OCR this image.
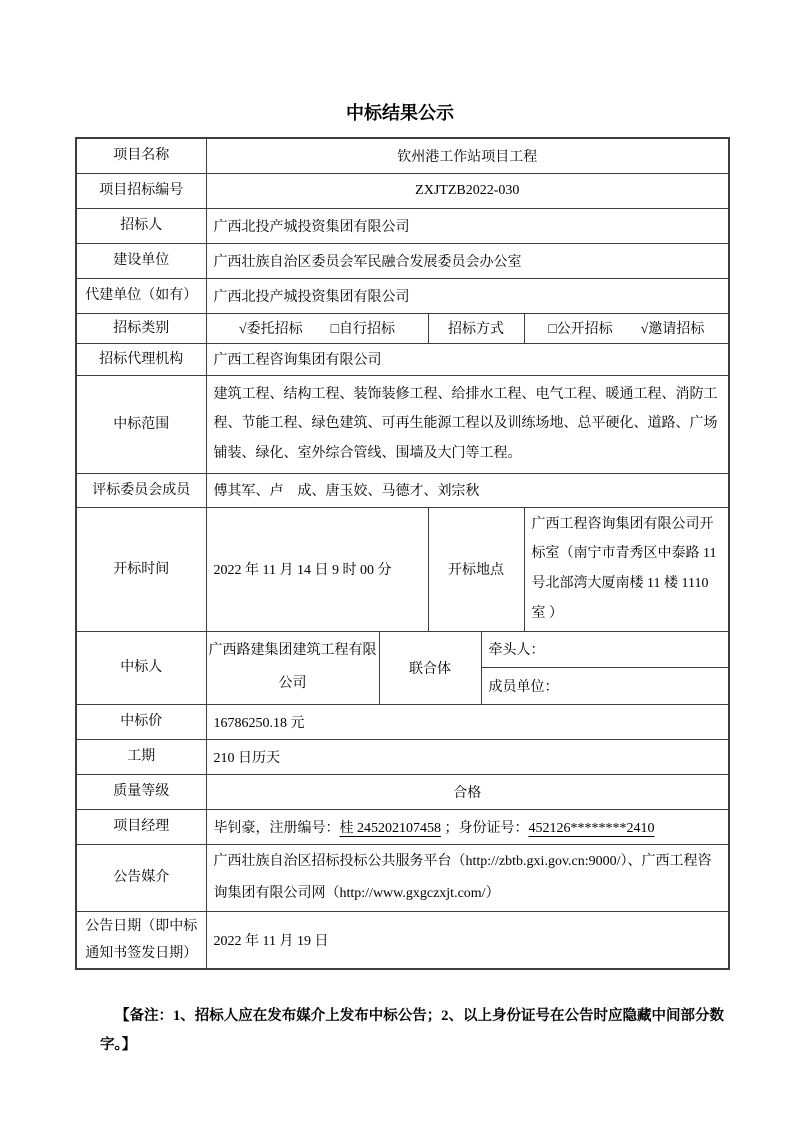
中标结果公示
项目名称	钦州港工作站项目工程				
项目招标编号	ZXJTZB2022-030				
招标人	广西北投产城投资集团有限公司				
建设单位	广西壮族自治区委员会军民融合发展委员会办公室				
代建单位（如有）	广西北投产城投资集团有限公司				
招标类别	√委托招标　　□自行招标		招标方式		□公开招标　　√邀请招标
招标代理机构	广西工程咨询集团有限公司				
中标范围	建筑工程、结构工程、装饰装修工程、给排水工程、电气工程、暖通工程、消防工程、节能工程、绿色建筑、可再生能源工程以及训练场地、总平硬化、道路、广场铺装、绿化、室外综合管线、围墙及大门等工程。				
评标委员会成员	傅其军、卢　成、唐玉姣、马德才、刘宗秋				
开标时间	2022 年 11 月 14 日 9 时 00 分		开标地点		广西工程咨询集团有限公司开标室（南宁市青秀区中泰路 11 号北部湾大厦南楼 11 楼 1110 室 ）
中标人	广西路建集团建筑工程有限公司	联合体		牵头人：
成员单位：	

中标价	16786250.18 元				
工期	210 日历天				
质量等级	合格				
项目经理	毕钊豪，注册编号：桂 245202107458 ；身份证号：452126********2410				
公告媒介	广西壮族自治区招标投标公共服务平台（http://zbtb.gxi.gov.cn:9000/）、广西工程咨询集团有限公司网（http://www.gxgczxjt.com/）				
公告日期（即中标通知书签发日期）	2022 年 11 月 19 日				

【备注：1、招标人应在发布媒介上发布中标公告；2、以上身份证号在公告时应隐藏中间部分数字。】
